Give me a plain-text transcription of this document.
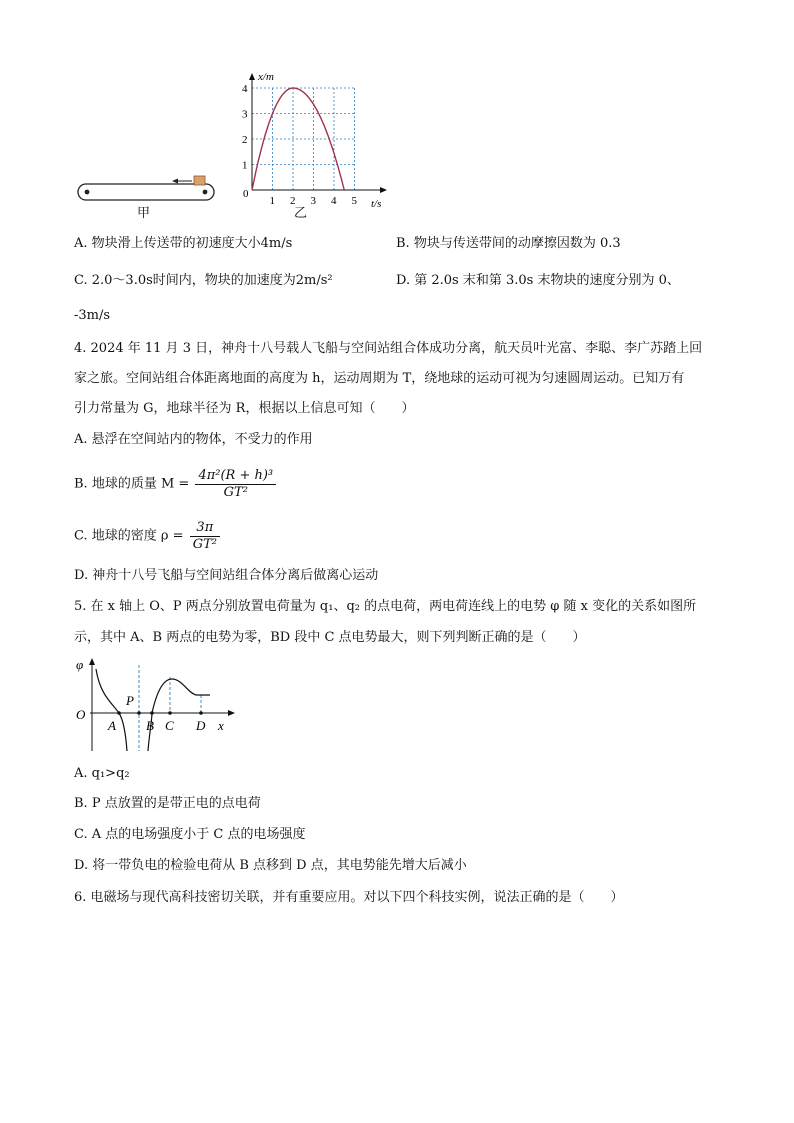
甲
1 2 3 4 5
1
2
3
4
x/m
t/s
0
乙
A. 物块滑上传送带的初速度大小4m/s	B. 物块与传送带间的动摩擦因数为 0.3
C. 2.0～3.0s时间内，物块的加速度为2m/s²	D. 第 2.0s 末和第 3.0s 末物块的速度分别为 0、
-3m/s
4. 2024 年 11 月 3 日，神舟十八号载人飞船与空间站组合体成功分离，航天员叶光富、李聪、李广苏踏上回
家之旅。空间站组合体距离地面的高度为 h，运动周期为 T，绕地球的运动可视为匀速圆周运动。已知万有
引力常量为 G，地球半径为 R，根据以上信息可知（　　）
A. 悬浮在空间站内的物体，不受力的作用
B. 地球的质量 $M = \frac{\text{4π²(R + h)³}}{\text{GT²}}$
C. 地球的密度 $\rho = \frac{3\pi}{\text{GT²}}$
D. 神舟十八号飞船与空间站组合体分离后做离心运动
5. 在 x 轴上 O、P 两点分别放置电荷量为 q₁、q₂ 的点电荷，两电荷连线上的电势 φ 随 x 变化的关系如图所
示，其中 A、B 两点的电势为零，BD 段中 C 点电势最大，则下列判断正确的是（　　）
φ
x
O
P
A B C D
A. q₁>q₂
B. P 点放置的是带正电的点电荷
C. A 点的电场强度小于 C 点的电场强度
D. 将一带负电的检验电荷从 B 点移到 D 点，其电势能先增大后减小
6. 电磁场与现代高科技密切关联，并有重要应用。对以下四个科技实例，说法正确的是（　　）
